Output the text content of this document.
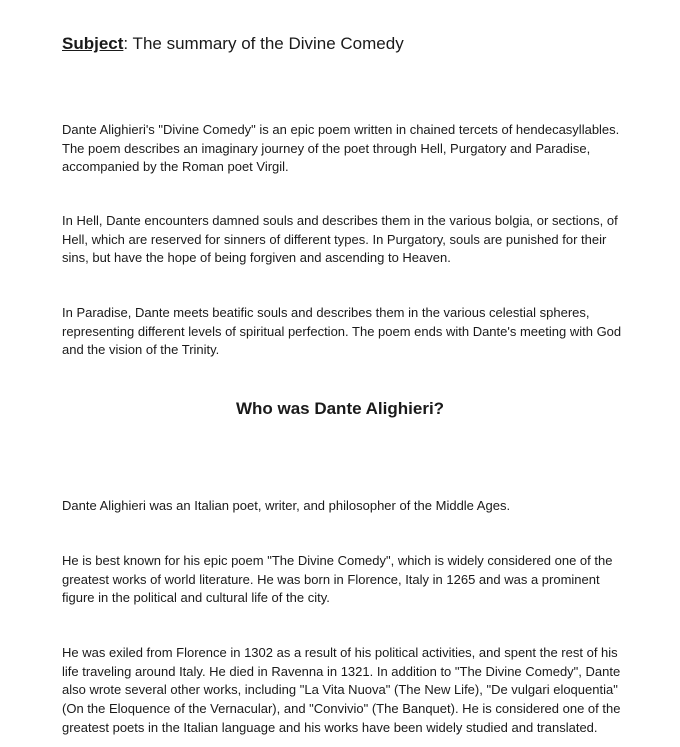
Subject: The summary of the Divine Comedy

Dante Alighieri's "Divine Comedy" is an epic poem written in chained tercets of hendecasyllables. The poem describes an imaginary journey of the poet through Hell, Purgatory and Paradise, accompanied by the Roman poet Virgil.

In Hell, Dante encounters damned souls and describes them in the various bolgia, or sections, of Hell, which are reserved for sinners of different types. In Purgatory, souls are punished for their sins, but have the hope of being forgiven and ascending to Heaven.

In Paradise, Dante meets beatific souls and describes them in the various celestial spheres, representing different levels of spiritual perfection. The poem ends with Dante's meeting with God and the vision of the Trinity.

Who was Dante Alighieri?

Dante Alighieri was an Italian poet, writer, and philosopher of the Middle Ages.

He is best known for his epic poem "The Divine Comedy", which is widely considered one of the greatest works of world literature. He was born in Florence, Italy in 1265 and was a prominent figure in the political and cultural life of the city.

He was exiled from Florence in 1302 as a result of his political activities, and spent the rest of his life traveling around Italy. He died in Ravenna in 1321. In addition to "The Divine Comedy", Dante also wrote several other works, including "La Vita Nuova" (The New Life), "De vulgari eloquentia" (On the Eloquence of the Vernacular), and "Convivio" (The Banquet). He is considered one of the greatest poets in the Italian language and his works have been widely studied and translated.
